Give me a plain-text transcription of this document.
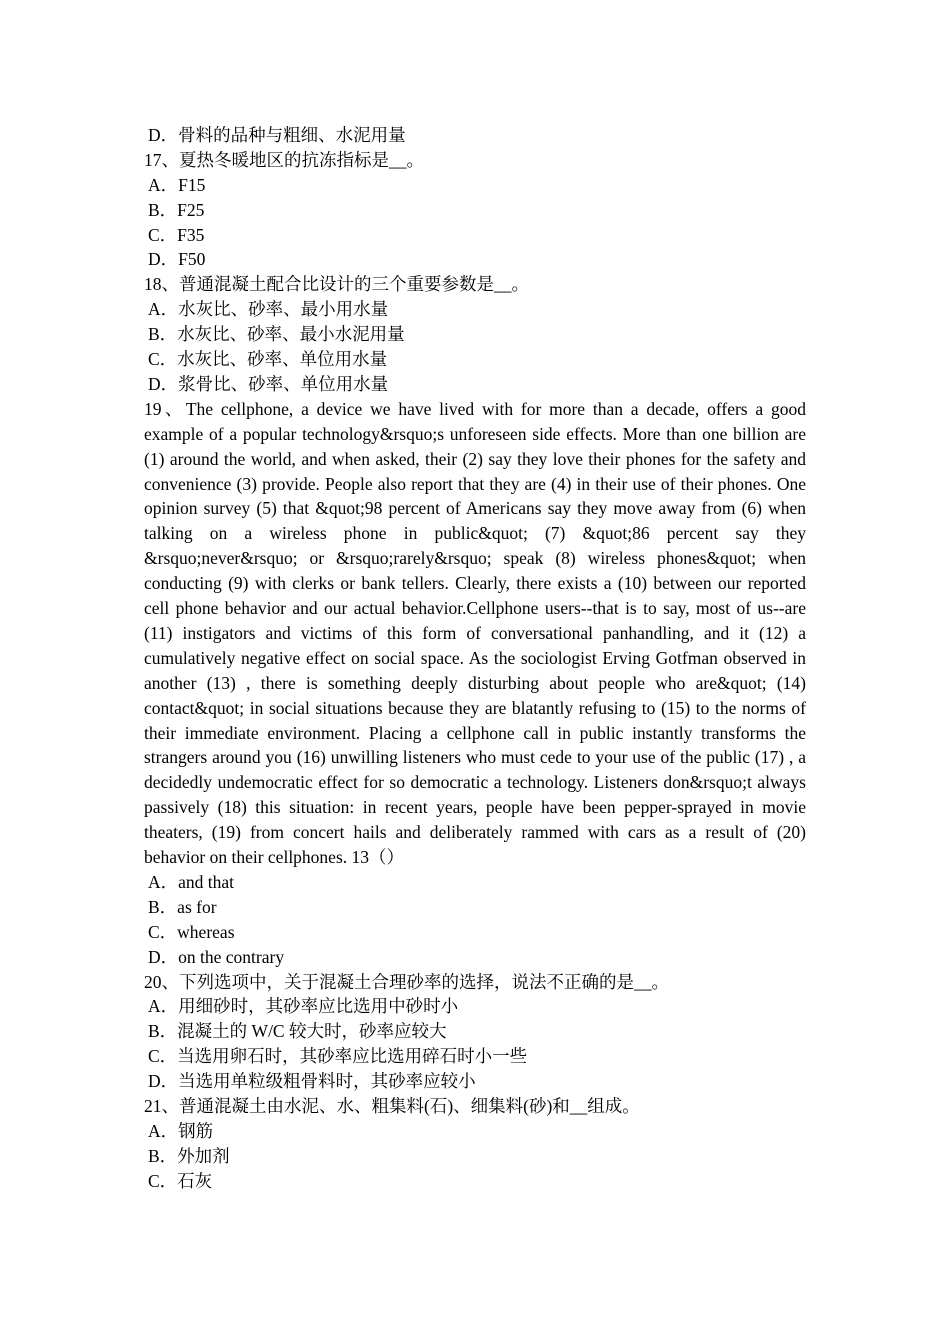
D．骨料的品种与粗细、水泥用量
17、夏热冬暖地区的抗冻指标是__。
A．F15
B．F25
C．F35
D．F50
18、普通混凝土配合比设计的三个重要参数是__。
A．水灰比、砂率、最小用水量
B．水灰比、砂率、最小水泥用量
C．水灰比、砂率、单位用水量
D．浆骨比、砂率、单位用水量
19、The cellphone, a device we have lived with for more than a decade, offers a good example of a popular technology&rsquo;s unforeseen side effects. More than one billion are (1) around the world, and when asked, their (2) say they love their phones for the safety and convenience (3) provide. People also report that they are (4) in their use of their phones. One opinion survey (5) that &quot;98 percent of Americans say they move away from (6) when talking on a wireless phone in public&quot; (7) &quot;86 percent say they &rsquo;never&rsquo; or &rsquo;rarely&rsquo; speak (8) wireless phones&quot; when conducting (9) with clerks or bank tellers. Clearly, there exists a (10) between our reported cell phone behavior and our actual behavior.Cellphone users--that is to say, most of us--are (11) instigators and victims of this form of conversational panhandling, and it (12) a cumulatively negative effect on social space. As the sociologist Erving Gotfman observed in another (13) , there is something deeply disturbing about people who are&quot; (14) contact&quot; in social situations because they are blatantly refusing to (15) to the norms of their immediate environment. Placing a cellphone call in public instantly transforms the strangers around you (16) unwilling listeners who must cede to your use of the public (17) , a decidedly undemocratic effect for so democratic a technology. Listeners don&rsquo;t always passively (18) this situation: in recent years, people have been pepper-sprayed in movie theaters, (19) from concert hails and deliberately rammed with cars as a result of (20) behavior on their cellphones. 13（）
A．and that
B．as for
C．whereas
D．on the contrary
20、下列选项中，关于混凝土合理砂率的选择，说法不正确的是__。
A．用细砂时，其砂率应比选用中砂时小
B．混凝土的 W/C 较大时，砂率应较大
C．当选用卵石时，其砂率应比选用碎石时小一些
D．当选用单粒级粗骨料时，其砂率应较小
21、普通混凝土由水泥、水、粗集料(石)、细集料(砂)和__组成。
A．钢筋
B．外加剂
C．石灰
